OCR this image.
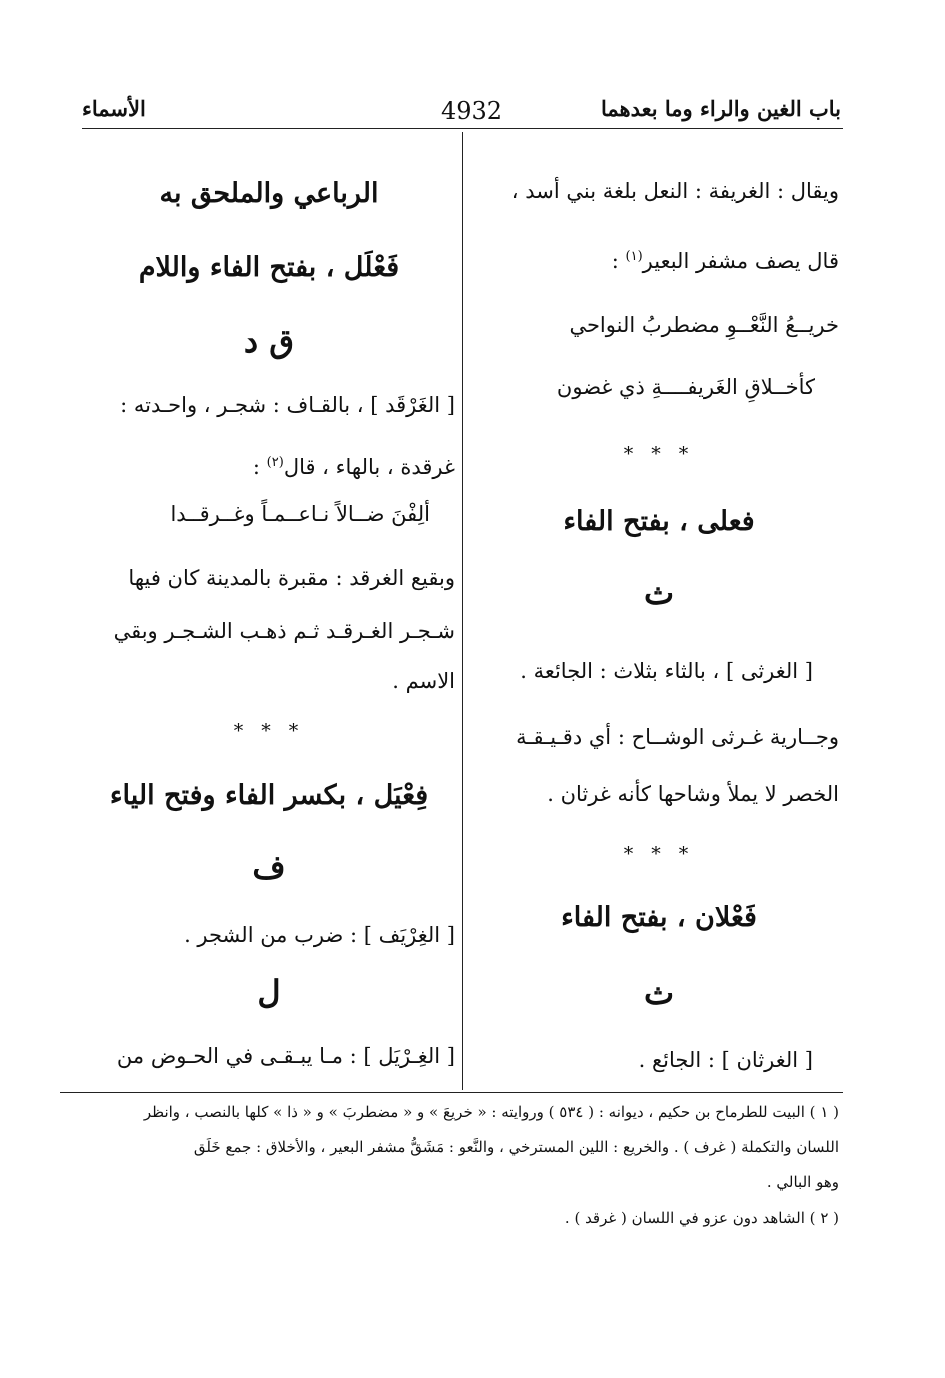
باب الغين والراء وما بعدهما
4932
الأسماء
ويقال : الغريفة : النعل بلغة بني أسد ،
قال يصف مشفر البعير$^{(١)}$ :
خريــعُ النَّعْــوِ مضطربُ النواحي
كأخــلاقِ الغَريفــــةِ ذي غضون
* * *
فعلى ، بفتح الفاء
ث
[ الغرثى ] ، بالثاء بثلاث : الجائعة .
وجــارية غـرثى الوشــاح : أي دقـيـقـة
الخصر لا يملأ وشاحها كأنه غرثان .
* * *
فَعْلان ، بفتح الفاء
ث
[ الغرثان ] : الجائع .
الرباعي والملحق به
فَعْلَل ، بفتح الفاء واللام
ق د
[ الغَرْقَد ] ، بالقـاف : شجـر ، واحـدته :
غرقدة ، بالهاء ، قال$^{(٢)}$ :
ألِفْنَ ضــالاً نـاعــمـاً وغــرقــدا
وبقيع الغرقد : مقبرة بالمدينة كان فيها
شـجـر الغـرقـد ثـم ذهـب الشـجـر وبقي
الاسم .
* * *
فِعْيَل ، بكسر الفاء وفتح الياء
ف
[ الغِرْيَف ] : ضرب من الشجر .
ل
[ الغِـرْيَل ] : مـا يبـقـى في الحـوض من
( ١ ) البيت للطرماح بن حكيم ، ديوانه : ( ٥٣٤ ) وروايته : « خريعَ » و « مضطربَ » و « ذا » كلها بالنصب ، وانظر
اللسان والتكملة ( غرف ) . والخريع : اللين المسترخي ، والنَّعو : مَشَقُّ مشفر البعير ، والأخلاق : جمع خَلَق
وهو البالي .
( ٢ ) الشاهد دون عزو في اللسان ( غرقد ) .
